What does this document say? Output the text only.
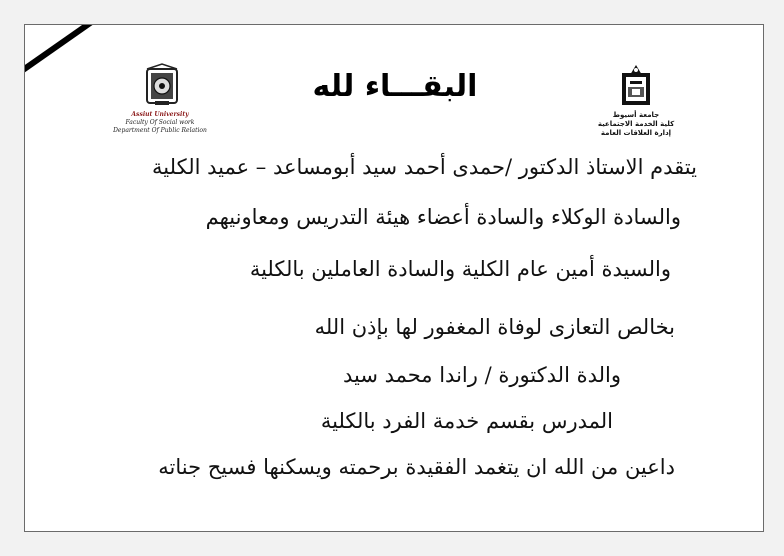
Assiut University
Faculty Of Social work
Department Of Public Relation
جامعة أسيوط
كلية الخدمة الاجتماعية
إدارة العلاقات العامة
البقـــاء لله
يتقدم الاستاذ الدكتور /حمدى أحمد سيد أبومساعد – عميد الكلية
والسادة الوكلاء والسادة أعضاء هيئة التدريس ومعاونيهم
والسيدة أمين عام الكلية والسادة العاملين بالكلية
بخالص التعازى لوفاة المغفور لها بإذن الله
والدة الدكتورة / راندا محمد سيد
المدرس بقسم خدمة الفرد بالكلية
داعين من الله ان يتغمد الفقيدة برحمته ويسكنها فسيح جناته
